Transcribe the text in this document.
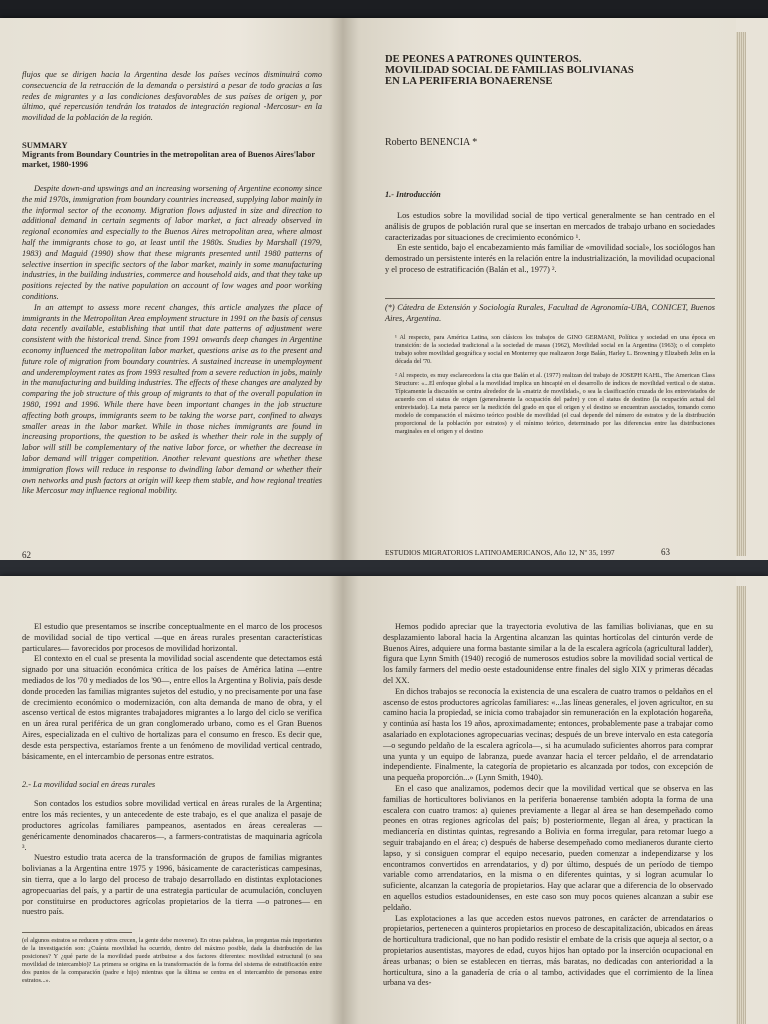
flujos que se dirigen hacia la Argentina desde los países vecinos disminuirá como consecuencia de la retracción de la demanda o persistirá a pesar de todo gracias a las redes de migrantes y a las condiciones desfavorables de sus países de origen y, por último, qué repercusión tendrán los tratados de integración regional -Mercosur- en la movilidad de la población de la región.

SUMMARY

Migrants from Boundary Countries in the metropolitan area of Buenos Aires'labor market, 1980-1996

Despite down-and upswings and an increasing worsening of Argentine economy since the mid 1970s, immigration from boundary countries increased, supplying labor mainly in the informal sector of the economy. Migration flows adjusted in size and direction to additional demand in certain segments of labor market, a fact already observed in regional economies and especially to the Buenos Aires metropolitan area, where almost half the immigrants chose to go, at least until the 1980s. Studies by Marshall (1979, 1983) and Maguid (1990) show that these migrants presented until 1980 patterns of selective insertion in specific sectors of the labor market, mainly in some manufacturing industries, in the building industries, commerce and household aids, and that they take up positions rejected by the native population on account of low wages and poor working conditions.

In an attempt to assess more recent changes, this article analyzes the place of immigrants in the Metropolitan Area employment structure in 1991 on the basis of census data recently available, establishing that until that date patterns of adjustment were consistent with the historical trend. Since from 1991 onwards deep changes in Argentine economy influenced the metropolitan labor market, questions arise as to the present and future role of migration from boundary countries. A sustained increase in unemployment and underemployment rates as from 1993 resulted from a severe reduction in jobs, mainly in the manufacturing and building industries. The effects of these changes are analyzed by comparing the job structure of this group of migrants to that of the overall population in 1980, 1991 and 1996. While there have been important changes in the job structure affecting both groups, immigrants seem to be taking the worse part, confined to always smaller areas in the labor market. While in those niches immigrants are found in increasing proportions, the question to be asked is whether their role in the supply of labor will still be complementary of the native labor force, or whether the decrease in labor demand will trigger competition. Another relevant questions are whether these immigration flows will reduce in response to dwindling labor demand or whether their own networks and push factors at origin will keep them stable, and how regional treaties like Mercosur may influence regional mobility.

62

DE PEONES A PATRONES QUINTEROS.

MOVILIDAD SOCIAL DE FAMILIAS BOLIVIANAS

EN LA PERIFERIA BONAERENSE

Roberto BENENCIA *

1.- Introducción

Los estudios sobre la movilidad social de tipo vertical generalmente se han centrado en el análisis de grupos de población rural que se insertan en mercados de trabajo urbano en sociedades caracterizadas por situaciones de crecimiento económico ¹.

En este sentido, bajo el encabezamiento más familiar de «movilidad social», los sociólogos han demostrado un persistente interés en la relación entre la industrialización, la movilidad ocupacional y el proceso de estratificación (Balán et al., 1977) ².

(*) Cátedra de Extensión y Sociología Rurales, Facultad de Agronomía-UBA, CONICET, Buenos Aires, Argentina.

¹ Al respecto, para América Latina, son clásicos los trabajos de GINO GERMANI, Política y sociedad en una época en transición: de la sociedad tradicional a la sociedad de masas (1962), Movilidad social en la Argentina (1963); o el completo trabajo sobre movilidad geográfica y social en Monterrey que realizaron Jorge Balán, Harley L. Browning y Elizabeth Jelin en la década del '70.

² Al respecto, es muy esclarecedora la cita que Balán et al. (1977) realizan del trabajo de JOSEPH KAHL, The American Class Structure: «...El enfoque global a la movilidad implica un hincapié en el desarrollo de índices de movilidad vertical o de status. Típicamente la discusión se centra alrededor de la «matriz de movilidad», o sea la clasificación cruzada de los entrevistados de acuerdo con el status de origen (generalmente la ocupación del padre) y con el status de destino (la ocupación actual del entrevistado). La meta parece ser la medición del grado en que el origen y el destino se encuentran asociados, tomando como modelo de comparación el máximo teórico posible de movilidad (el cual depende del número de estratos y de la distribución proporcional de la población por estratos) y el mínimo teórico, determinado por las diferencias entre las distribuciones marginales en el origen y el destino

ESTUDIOS MIGRATORIOS LATINOAMERICANOS, Año 12, Nº 35, 1997	63

El estudio que presentamos se inscribe conceptualmente en el marco de los procesos de movilidad social de tipo vertical —que en áreas rurales presentan características particulares— favorecidos por procesos de movilidad horizontal.

El contexto en el cual se presenta la movilidad social ascendente que detectamos está signado por una situación económica crítica de los países de América latina —entre mediados de los '70 y mediados de los '90—, entre ellos la Argentina y Bolivia, país desde donde proceden las familias migrantes sujetos del estudio, y no precisamente por una fase de crecimiento económico o modernización, con alta demanda de mano de obra, y el ascenso vertical de estos migrantes trabajadores migrantes a lo largo del ciclo se verifica en un área rural periférica de un gran conglomerado urbano, como es el Gran Buenos Aires, especializada en el cultivo de hortalizas para el consumo en fresco. Es decir que, desde esta perspectiva, estaríamos frente a un fenómeno de movilidad vertical centrado, básicamente, en el intercambio de personas entre estratos.

2.- La movilidad social en áreas rurales

Son contados los estudios sobre movilidad vertical en áreas rurales de la Argentina; entre los más recientes, y un antecedente de este trabajo, es el que analiza el pasaje de productores agrícolas familiares pampeanos, asentados en áreas cerealeras —genéricamente denominados chacareros—, a farmers-contratistas de maquinaria agrícola ³.

Nuestro estudio trata acerca de la transformación de grupos de familias migrantes bolivianas a la Argentina entre 1975 y 1996, básicamente de características campesinas, sin tierra, que a lo largo del proceso de trabajo desarrollado en distintas explotaciones agropecuarias del país, y a partir de una estrategia particular de acumulación, concluyen por constituirse en productores agrícolas propietarios de la tierra —o patrones— en nuestro país.

(el algunos estratos se reducen y otros crecen, la gente debe moverse). En otras palabras, las preguntas más importantes de la investigación son: ¿Cuánta movilidad ha ocurrido, dentro del máximo posible, dada la distribución de las posiciones? Y ¿qué parte de la movilidad puede atribuirse a dos factores diferentes: movilidad estructural (o sea movilidad de intercambio)? La primera se origina en la transformación de la forma del sistema de estratificación entre dos puntos de la comparación (padre e hijo) mientras que la última se centra en el intercambio de personas entre estratos...».

Hemos podido apreciar que la trayectoria evolutiva de las familias bolivianas, que en su desplazamiento laboral hacia la Argentina alcanzan las quintas hortícolas del cinturón verde de Buenos Aires, adquiere una forma bastante similar a la de la escalera agrícola (agricultural ladder), figura que Lynn Smith (1940) recogió de numerosos estudios sobre la movilidad social vertical de los family farmers del medio oeste estadounidense entre finales del siglo XIX y primeras décadas del XX.

En dichos trabajos se reconocía la existencia de una escalera de cuatro tramos o peldaños en el ascenso de estos productores agrícolas familiares: «...las líneas generales, el joven agricultor, en su camino hacia la propiedad, se inicia como trabajador sin remuneración en la explotación hogareña, y continúa así hasta los 19 años, aproximadamente; entonces, probablemente pase a trabajar como asalariado en explotaciones agropecuarias vecinas; después de un breve intervalo en esta categoría —o segundo peldaño de la escalera agrícola—, si ha acumulado suficientes ahorros para comprar una yunta y un equipo de labranza, puede avanzar hacia el tercer peldaño, el de arrendatario independiente. Finalmente, la categoría de propietario es alcanzada por todos, con excepción de una pequeña proporción...» (Lynn Smith, 1940).

En el caso que analizamos, podemos decir que la movilidad vertical que se observa en las familias de horticultores bolivianos en la periferia bonaerense también adopta la forma de una escalera con cuatro tramos: a) quienes previamente a llegar al área se han desempeñado como peones en otras regiones agrícolas del país; b) posteriormente, llegan al área, y practican la mediancería en distintas quintas, regresando a Bolivia en forma irregular, para retomar luego a seguir trabajando en el área; c) después de haberse desempeñado como medianeros durante cierto lapso, y si consiguen comprar el equipo necesario, pueden comenzar a independizarse y los encontramos convertidos en arrendatarios, y d) por último, después de un período de tiempo variable como arrendatarios, en la misma o en diferentes quintas, y si logran acumular lo suficiente, alcanzan la categoría de propietarios. Hay que aclarar que a diferencia de lo observado en aquellos estudios estadounidenses, en este caso son muy pocos quienes alcanzan a subir ese peldaño.

Las explotaciones a las que acceden estos nuevos patrones, en carácter de arrendatarios o propietarios, pertenecen a quinteros propietarios en proceso de descapitalización, ubicados en áreas de horticultura tradicional, que no han podido resistir el embate de la crisis que aqueja al sector, o a propietarios ausentistas, mayores de edad, cuyos hijos han optado por la inserción ocupacional en áreas urbanas; o bien se establecen en tierras, más baratas, no dedicadas con anterioridad a la horticultura, sino a la ganadería de cría o al tambo, actividades que el corrimiento de la línea urbana va des-
